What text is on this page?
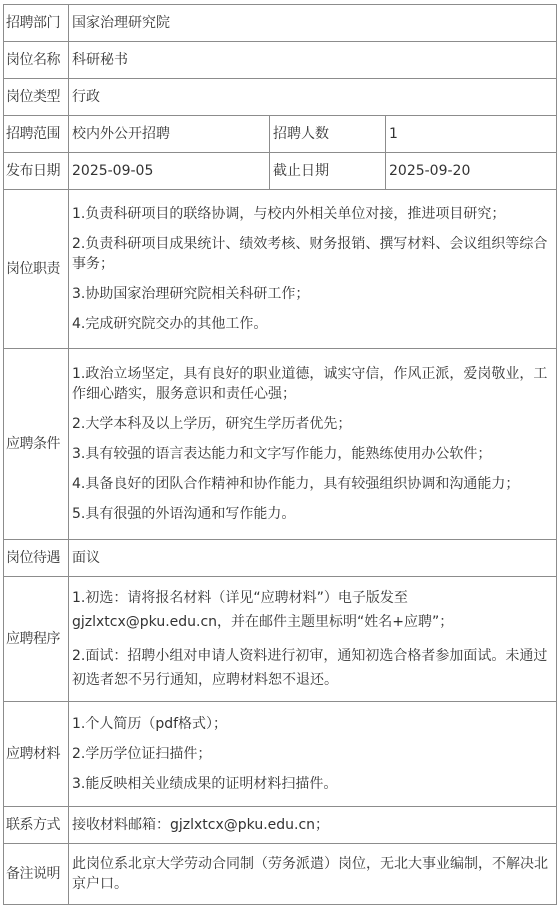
招聘部门	国家治理研究院		
岗位名称	科研秘书		
岗位类型	行政		
招聘范围	校内外公开招聘	招聘人数	1
发布日期	2025-09-05	截止日期	2025-09-20
岗位职责	1.负责科研项目的联络协调，与校内外相关单位对接，推进项目研究；
2.负责科研项目成果统计、绩效考核、财务报销、撰写材料、会议组织等综合事务；
3.协助国家治理研究院相关科研工作；
4.完成研究院交办的其他工作。		

应聘条件	1.政治立场坚定，具有良好的职业道德，诚实守信，作风正派，爱岗敬业，工作细心踏实，服务意识和责任心强；
2.大学本科及以上学历，研究生学历者优先；
3.具有较强的语言表达能力和文字写作能力，能熟练使用办公软件；
4.具备良好的团队合作精神和协作能力，具有较强组织协调和沟通能力；
5.具有很强的外语沟通和写作能力。		

岗位待遇	面议		
应聘程序	1.初选：请将报名材料（详见“应聘材料”）电子版发至gjzlxtcx@pku.edu.cn，并在邮件主题里标明“姓名+应聘”；
2.面试：招聘小组对申请人资料进行初审，通知初选合格者参加面试。未通过初选者恕不另行通知，应聘材料恕不退还。		

应聘材料	1.个人简历（pdf格式）；
2.学历学位证扫描件；
3.能反映相关业绩成果的证明材料扫描件。		

联系方式	接收材料邮箱：gjzlxtcx@pku.edu.cn；		
备注说明	此岗位系北京大学劳动合同制（劳务派遣）岗位，无北大事业编制，不解决北京户口。		
